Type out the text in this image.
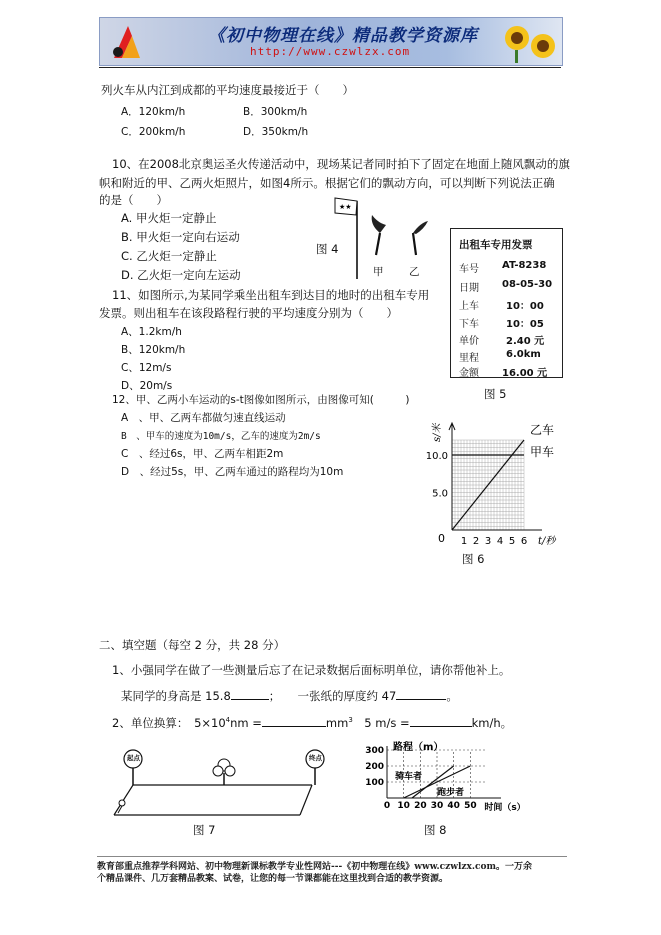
《初中物理在线》精品教学资源库
http://www.czwlzx.com
列火车从内江到成都的平均速度最接近于（　　）
A．120km/h	B．300km/h
C．200km/h	D．350km/h
10、在2008北京奥运圣火传递活动中，现场某记者同时拍下了固定在地面上随风飘动的旗
帜和附近的甲、乙两火炬照片，如图4所示。根据它们的飘动方向，可以判断下列说法正确
的是（　　）
A. 甲火炬一定静止
B. 甲火炬一定向右运动
C. 乙火炬一定静止
D. 乙火炬一定向左运动
★★
甲 乙
图 4
11、如图所示,为某同学乘坐出租车到达目的地时的出租车专用
发票。则出租车在该段路程行驶的平均速度分别为（　　）
A、1.2km/h
B、120km/h
C、12m/s
D、20m/s
出租车专用发票
车号 AT-8238
日期 08-05-30
上车	10：00
下车	10：05
单价	2.40 元
里程	6.0km
金额 16.00 元
图 5
12、甲、乙两小车运动的s-t图像如图所示，由图像可知(　　　)
A　、甲、乙两车都做匀速直线运动
B　、甲车的速度为10m/s，乙车的速度为2m/s
C　、经过6s，甲、乙两车相距2m
D　、经过5s，甲、乙两车通过的路程均为10m
1 2 3 4 5 6
0
5.0
10.0
s/米
t/秒
乙车
甲车
图 6
二、填空题（每空 2 分，共 28 分）
1、小强同学在做了一些测量后忘了在记录数据后面标明单位，请你帮他补上。
某同学的身高是 15.8	；　　一张纸的厚度约 47	。
2、单位换算：　$5\times 10^4nm$ =	$mm^3$　5 m/s =	km/h。
起点	终点
图 7
100
200
300
0 10 20 30 40 50
路程（m）
时间（s）
骑车者
跑步者
图 8
教育部重点推荐学科网站、初中物理新课标教学专业性网站---《初中物理在线》www.czwlzx.com。一万余
个精品课件、几万套精品教案、试卷，让您的每一节课都能在这里找到合适的教学资源。
